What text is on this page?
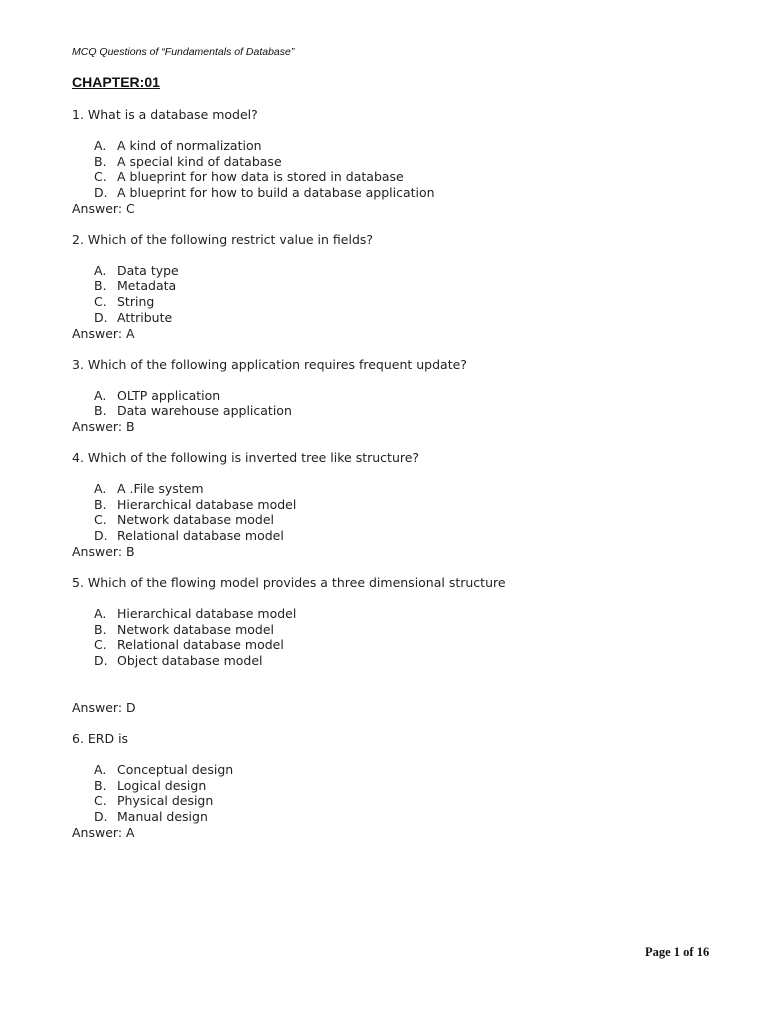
MCQ Questions of “Fundamentals of Database”
CHAPTER:01
1. What is a database model?
A. A kind of normalization
B. A special kind of database
C. A blueprint for how data is stored in database
D. A blueprint for how to build a database application
Answer: C
2. Which of the following restrict value in fields?
A. Data type
B. Metadata
C. String
D. Attribute
Answer: A
3. Which of the following application requires frequent update?
A. OLTP application
B. Data warehouse application
Answer: B
4. Which of the following is inverted tree like structure?
A. A .File system
B. Hierarchical database model
C. Network database model
D. Relational database model
Answer: B
5. Which of the flowing model provides a three dimensional structure
A. Hierarchical database model
B. Network database model
C. Relational database model
D. Object database model
Answer: D
6. ERD is
A. Conceptual design
B. Logical design
C. Physical design
D. Manual design
Answer: A
Page 1 of 16
